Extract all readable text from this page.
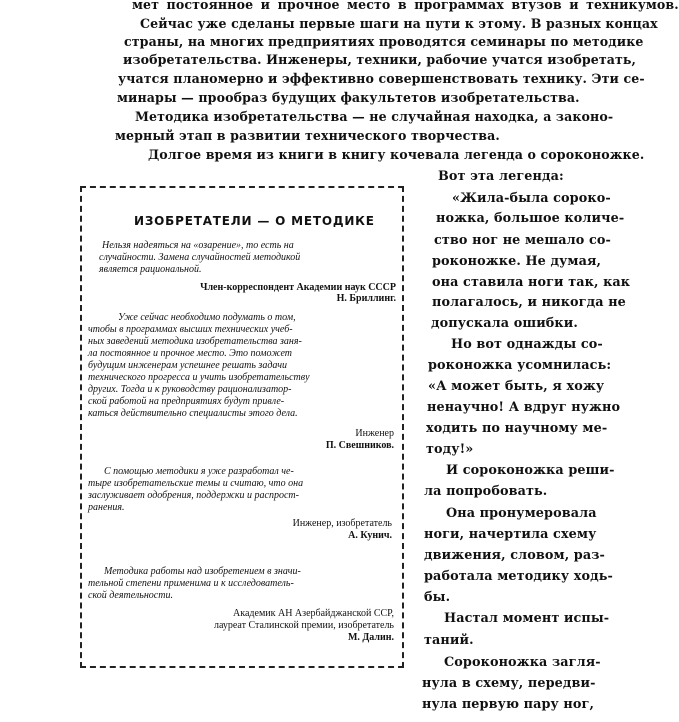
мет постоянное и прочное место в программах втузов и техникумов.
Сейчас уже сделаны первые шаги на пути к этому. В разных концах
страны, на многих предприятиях проводятся семинары по методике
изобретательства. Инженеры, техники, рабочие учатся изобретать,
учатся планомерно и эффективно совершенствовать технику. Эти се-
минары — прообраз будущих факультетов изобретательства.
Методика изобретательства — не случайная находка, а законо-
мерный этап в развитии технического творчества.
Долгое время из книги в книгу кочевала легенда о сороконожке.
Вот эта легенда:
«Жила-была сороко-
ножка, большое количе-
ство ног не мешало со-
роконожке. Не думая,
она ставила ноги так, как
полагалось, и никогда не
допускала ошибки.
Но вот однажды со-
роконожка усомнилась:
«А может быть, я хожу
ненаучно! А вдруг нужно
ходить по научному ме-
тоду!»
И сороконожка реши-
ла попробовать.
Она пронумеровала
ноги, начертила схему
движения, словом, раз-
работала методику ходь-
бы.
Настал момент испы-
таний.
Сороконожка загля-
нула в схему, передви-
нула первую пару ног,
ИЗОБРЕТАТЕЛИ — О МЕТОДИКЕ
Нельзя надеяться на «озарение», то есть на
случайности. Замена случайностей методикой
является рациональной.
Член-корреспондент Академии наук СССР
Н. Бриллинг.
Уже сейчас необходимо подумать о том,
чтобы в программах высших технических учеб-
ных заведений методика изобретательства заня-
ла постоянное и прочное место. Это поможет
будущим инженерам успешнее решать задачи
технического прогресса и учить изобретательству
других. Тогда и к руководству рационализатор-
ской работой на предприятиях будут привле-
каться действительно специалисты этого дела.
Инженер
П. Свешников.
С помощью методики я уже разработал че-
тыре изобретательские темы и считаю, что она
заслуживает одобрения, поддержки и распрост-
ранения.
Инженер, изобретатель
А. Кунич.
Методика работы над изобретением в значи-
тельной степени применима и к исследователь-
ской деятельности.
Академик АН Азербайджанской ССР,
лауреат Сталинской премии, изобретатель
М. Далин.
